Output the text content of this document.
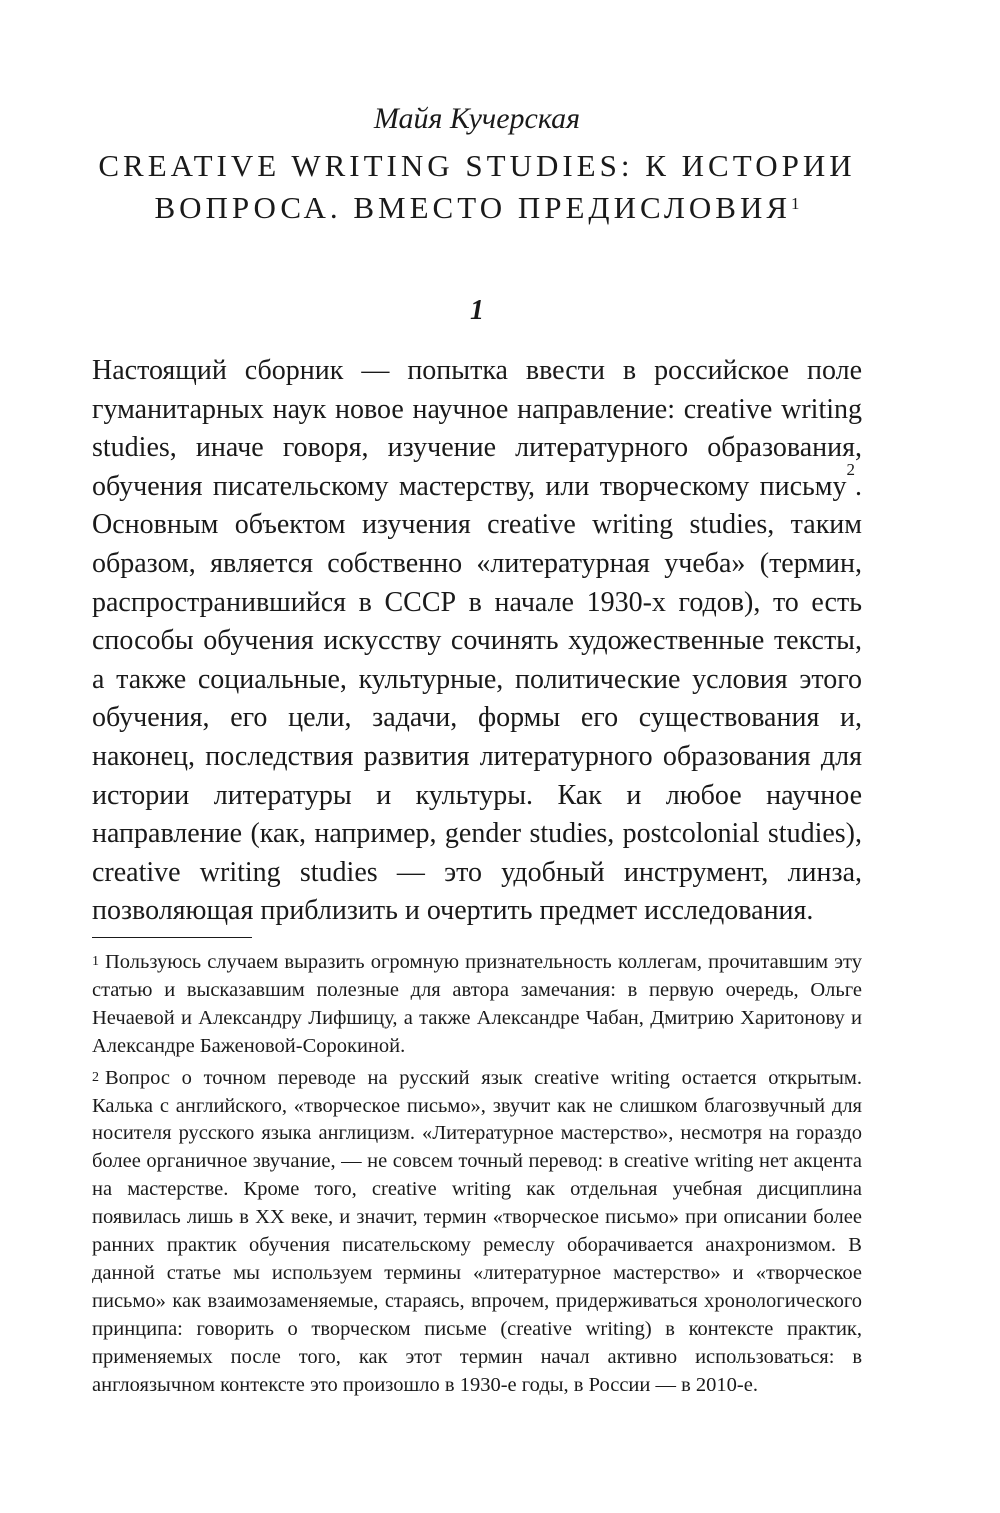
Майя Кучерская
CREATIVE WRITING STUDIES: К ИСТОРИИ ВОПРОСА. ВМЕСТО ПРЕДИСЛОВИЯ$^1$
1
Настоящий сборник — попытка ввести в российское поле гуманитарных наук новое научное направление: creative writing studies, иначе говоря, изучение литературного образования, обучения писательскому мастерству, или творческому письму$^2$. Основным объектом изучения creative writing studies, таким образом, является собственно «литературная учеба» (термин, распространившийся в СССР в начале 1930-х годов), то есть способы обучения искусству сочинять художественные тексты, а также социальные, культурные, политические условия этого обучения, его цели, задачи, формы его существования и, наконец, последствия развития литературного образования для истории литературы и культуры. Как и любое научное направление (как, например, gender studies, postcolonial studies), creative writing studies — это удобный инструмент, линза, позволяющая приблизить и очертить предмет исследования.

$^1$ Пользуюсь случаем выразить огромную признательность коллегам, прочитавшим эту статью и высказавшим полезные для автора замечания: в первую очередь, Ольге Нечаевой и Александру Лифшицу, а также Александре Чабан, Дмитрию Харитонову и Александре Баженовой-Сорокиной.

$^2$ Вопрос о точном переводе на русский язык creative writing остается открытым. Калька с английского, «творческое письмо», звучит как не слишком благозвучный для носителя русского языка англицизм. «Литературное мастерство», несмотря на гораздо более органичное звучание, — не совсем точный перевод: в creative writing нет акцента на мастерстве. Кроме того, creative writing как отдельная учебная дисциплина появилась лишь в XX веке, и значит, термин «творческое письмо» при описании более ранних практик обучения писательскому ремеслу оборачивается анахронизмом. В данной статье мы используем термины «литературное мастерство» и «творческое письмо» как взаимозаменяемые, стараясь, впрочем, придерживаться хронологического принципа: говорить о творческом письме (creative writing) в контексте практик, применяемых после того, как этот термин начал активно использоваться: в англоязычном контексте это произошло в 1930-е годы, в России — в 2010-е.
